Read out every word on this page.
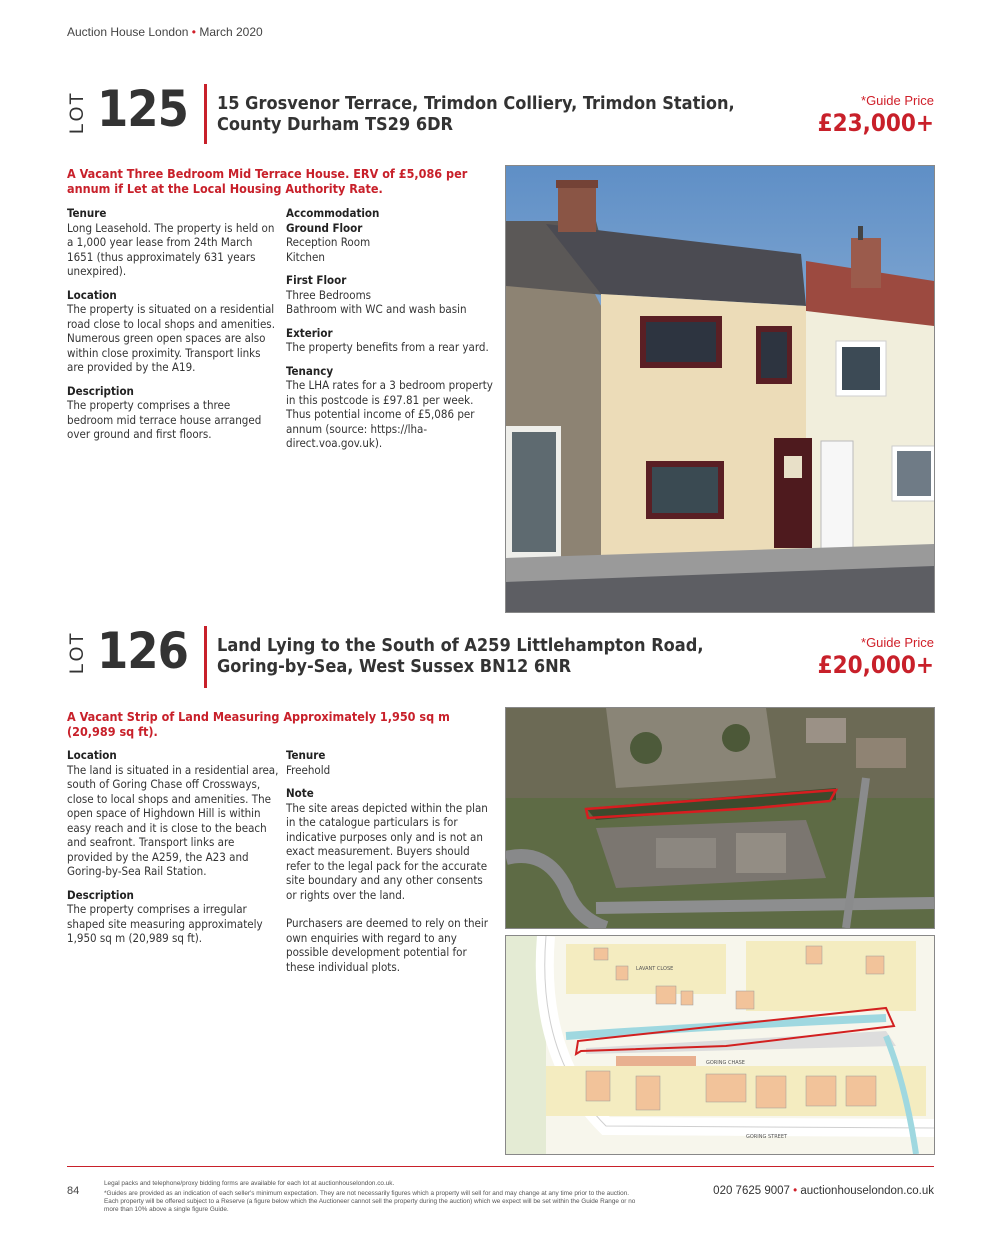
Auction House London • March 2020
LOT 125 15 Grosvenor Terrace, Trimdon Colliery, Trimdon Station,
County Durham TS29 6DR
*Guide Price
£23,000+
A Vacant Three Bedroom Mid Terrace House. ERV of £5,086 per annum if Let at the Local Housing Authority Rate.
Tenure

Long Leasehold. The property is held on a 1,000 year lease from 24th March 1651 (thus approximately 631 years unexpired).

Location

The property is situated on a residential road close to local shops and amenities. Numerous green open spaces are also within close proximity. Transport links are provided by the A19.

Description

The property comprises a three bedroom mid terrace house arranged over ground and first floors.

Accommodation
Ground Floor
Reception Room

Kitchen

First Floor
Three Bedrooms

Bathroom with WC and wash basin

Exterior

The property benefits from a rear yard.

Tenancy

The LHA rates for a 3 bedroom property in this postcode is £97.81 per week. Thus potential income of £5,086 per annum (source: https://lha-direct.voa.gov.uk).

LOT 126 Land Lying to the South of A259 Littlehampton Road,
Goring-by-Sea, West Sussex BN12 6NR
*Guide Price
£20,000+
A Vacant Strip of Land Measuring Approximately 1,950 sq m (20,989 sq ft).
Location

The land is situated in a residential area, south of Goring Chase off Crossways, close to local shops and amenities. The open space of Highdown Hill is within easy reach and it is close to the beach and seafront. Transport links are provided by the A259, the A23 and Goring-by-Sea Rail Station.

Description

The property comprises a irregular shaped site measuring approximately 1,950 sq m (20,989 sq ft).

Tenure

Freehold

Note

The site areas depicted within the plan in the catalogue particulars is for indicative purposes only and is not an exact measurement. Buyers should refer to the legal pack for the accurate site boundary and any other consents or rights over the land.

Purchasers are deemed to rely on their own enquiries with regard to any possible development potential for these individual plots.	LAVANT CLOSE
GORING CHASE
GORING STREET
84
Legal packs and telephone/proxy bidding forms are available for each lot at auctionhouselondon.co.uk.
*Guides are provided as an indication of each seller's minimum expectation. They are not necessarily figures which a property will sell for and may change at any time prior to the auction. Each property will be offered subject to a Reserve (a figure below which the Auctioneer cannot sell the property during the auction) which we expect will be set within the Guide Range or no more than 10% above a single figure Guide.
020 7625 9007 • auctionhouselondon.co.uk
